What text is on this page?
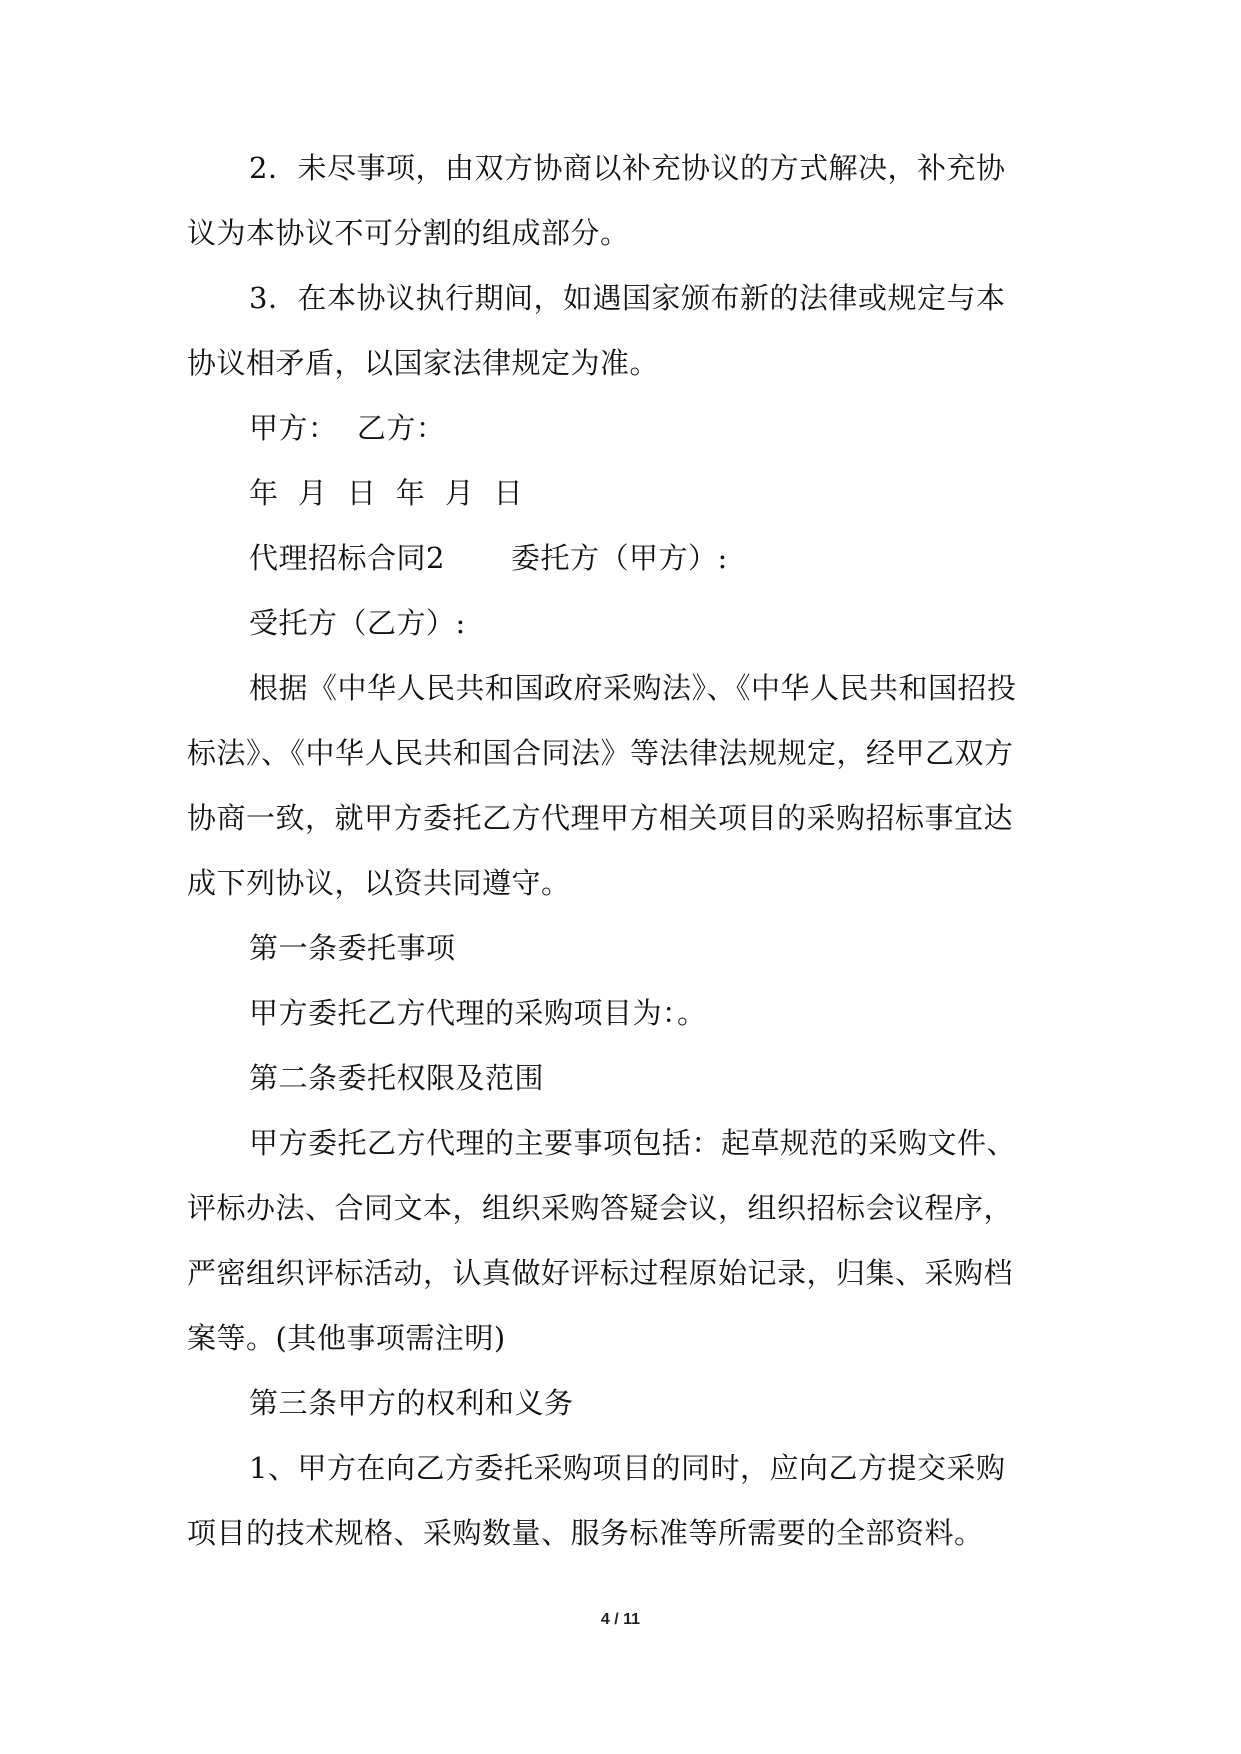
2．未尽事项，由双方协商以补充协议的方式解决，补充协
议为本协议不可分割的组成部分。
3．在本协议执行期间，如遇国家颁布新的法律或规定与本
协议相矛盾，以国家法律规定为准。
甲方：  乙方：
年  月  日  年  月  日
代理招标合同2 委托方（甲方）:
受托方（乙方）:
根据《中华人民共和国政府采购法》、《中华人民共和国招投
标法》、《中华人民共和国合同法》等法律法规规定，经甲乙双方
协商一致，就甲方委托乙方代理甲方相关项目的采购招标事宜达
成下列协议，以资共同遵守。
第一条委托事项
甲方委托乙方代理的采购项目为：。
第二条委托权限及范围
甲方委托乙方代理的主要事项包括：起草规范的采购文件、
评标办法、合同文本，组织采购答疑会议，组织招标会议程序，
严密组织评标活动，认真做好评标过程原始记录，归集、采购档
案等。(其他事项需注明)
第三条甲方的权利和义务
1、甲方在向乙方委托采购项目的同时，应向乙方提交采购
项目的技术规格、采购数量、服务标准等所需要的全部资料。
4 / 11
